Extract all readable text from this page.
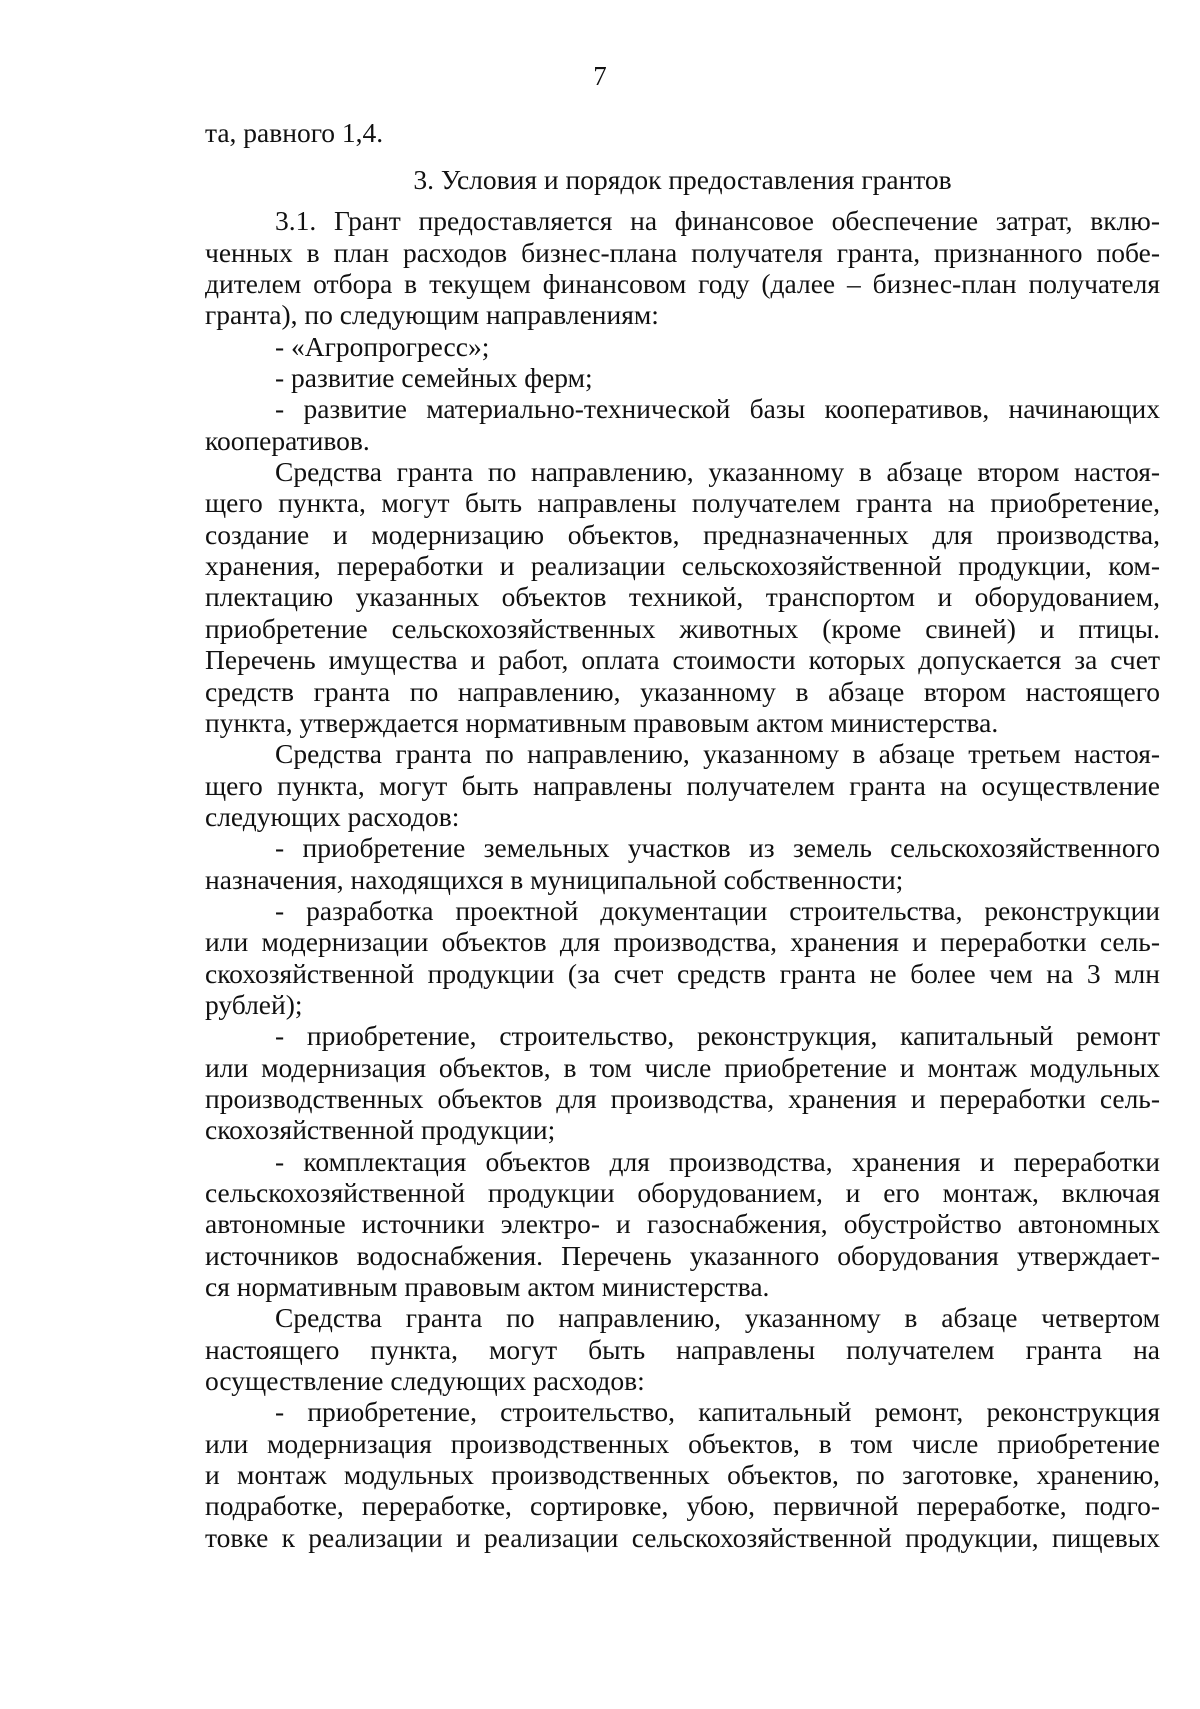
7
та, равного 1,4.
3. Условия и порядок предоставления грантов
3.1. Грант предоставляется на финансовое обеспечение затрат, вклю-
ченных в план расходов бизнес-плана получателя гранта, признанного побе-
дителем отбора в текущем финансовом году (далее – бизнес-план получателя
гранта), по следующим направлениям:
- «Агропрогресс»;
- развитие семейных ферм;
- развитие материально-технической базы кооперативов, начинающих
кооперативов.
Средства гранта по направлению, указанному в абзаце втором настоя-
щего пункта, могут быть направлены получателем гранта на приобретение,
создание и модернизацию объектов, предназначенных для производства,
хранения, переработки и реализации сельскохозяйственной продукции, ком-
плектацию указанных объектов техникой, транспортом и оборудованием,
приобретение сельскохозяйственных животных (кроме свиней) и птицы.
Перечень имущества и работ, оплата стоимости которых допускается за счет
средств гранта по направлению, указанному в абзаце втором настоящего
пункта, утверждается нормативным правовым актом министерства.
Средства гранта по направлению, указанному в абзаце третьем настоя-
щего пункта, могут быть направлены получателем гранта на осуществление
следующих расходов:
- приобретение земельных участков из земель сельскохозяйственного
назначения, находящихся в муниципальной собственности;
- разработка проектной документации строительства, реконструкции
или модернизации объектов для производства, хранения и переработки сель-
скохозяйственной продукции (за счет средств гранта не более чем на 3 млн
рублей);
- приобретение, строительство, реконструкция, капитальный ремонт
или модернизация объектов, в том числе приобретение и монтаж модульных
производственных объектов для производства, хранения и переработки сель-
скохозяйственной продукции;
- комплектация объектов для производства, хранения и переработки
сельскохозяйственной продукции оборудованием, и его монтаж, включая
автономные источники электро- и газоснабжения, обустройство автономных
источников водоснабжения. Перечень указанного оборудования утверждает-
ся нормативным правовым актом министерства.
Средства гранта по направлению, указанному в абзаце четвертом
настоящего пункта, могут быть направлены получателем гранта на
осуществление следующих расходов:
- приобретение, строительство, капитальный ремонт, реконструкция
или модернизация производственных объектов, в том числе приобретение
и монтаж модульных производственных объектов, по заготовке, хранению,
подработке, переработке, сортировке, убою, первичной переработке, подго-
товке к реализации и реализации сельскохозяйственной продукции, пищевых
